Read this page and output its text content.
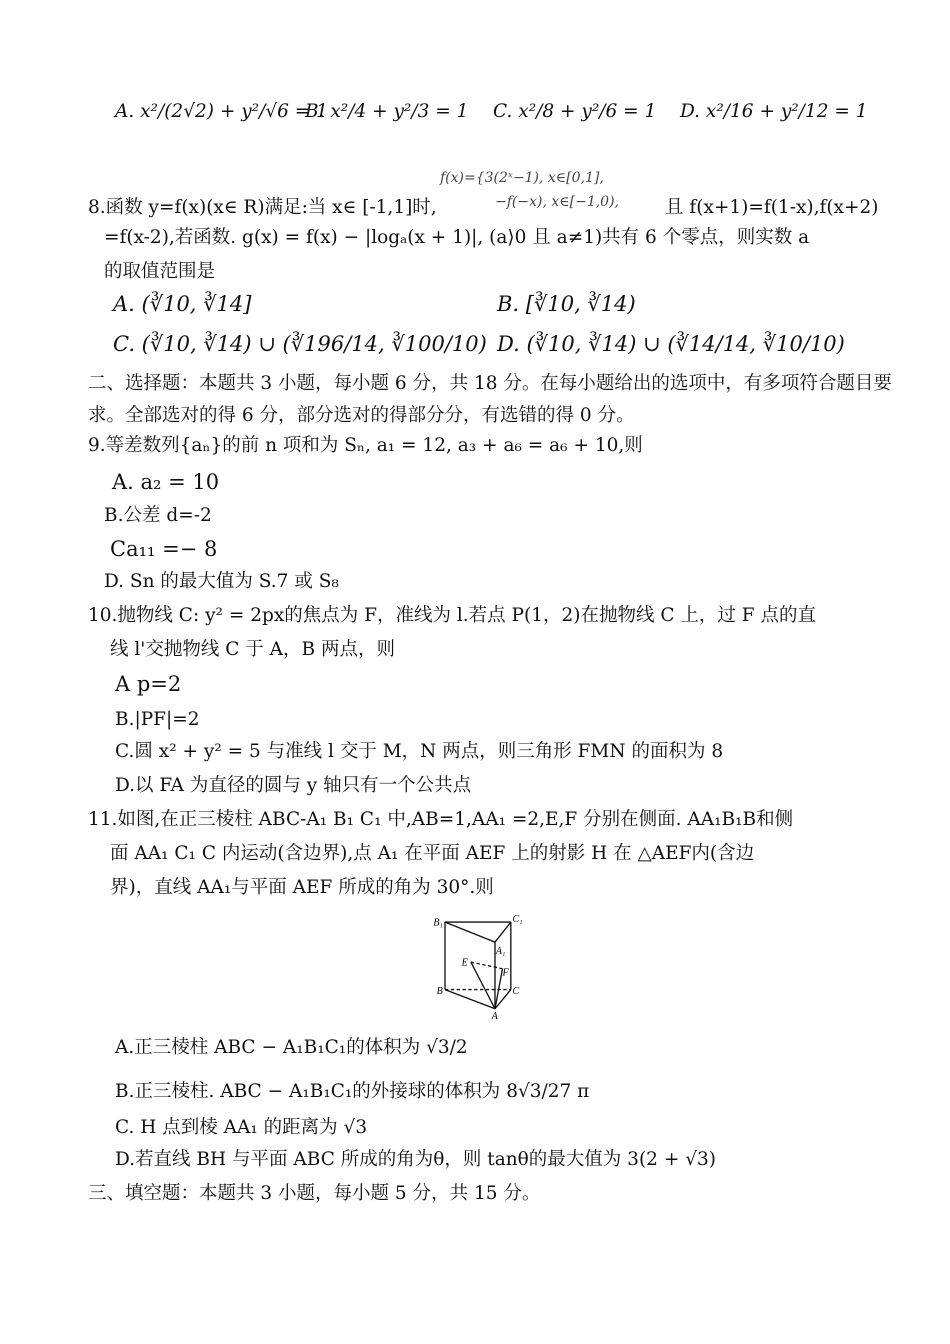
A. x²/(2√2) + y²/√6 = 1
B. x²/4 + y²/3 = 1 C. x²/8 + y²/6 = 1 D. x²/16 + y²/12 = 1
f(x)={3(2ˣ−1), x∈[0,1],
−f(−x), x∈[−1,0),
8.函数 y=f(x)(x∈ R)满足:当 x∈ [-1,1]时,	且 f(x+1)=f(1-x),f(x+2)
=f(x-2),若函数. g(x) = f(x) − |logₐ(x + 1)|, (a⟩0 且 a≠1)共有 6 个零点，则实数 a
的取值范围是
A. (∛10, ∛14]	B. [∛10, ∛14)
C. (∛10, ∛14) ∪ (∛196/14, ∛100/10) D. (∛10, ∛14) ∪ (∛14/14, ∛10/10)
二、选择题：本题共 3 小题，每小题 6 分，共 18 分。在每小题给出的选项中，有多项符合题目要
求。全部选对的得 6 分，部分选对的得部分分，有选错的得 0 分。
9.等差数列{aₙ}的前 n 项和为 Sₙ, a₁ = 12, a₃ + a₆ = a₆ + 10,则
A. a₂ = 10
B.公差 d=-2
Ca₁₁ =− 8
D. Sn 的最大值为 S.7 或 S₈
10.抛物线 C: y² = 2px的焦点为 F，准线为 l.若点 P(1，2)在抛物线 C 上，过 F 点的直
线 l'交抛物线 C 于 A，B 两点，则
A p=2
B.|PF|=2
C.圆 x² + y² = 5 与准线 l 交于 M，N 两点，则三角形 FMN 的面积为 8
D.以 FA 为直径的圆与 y 轴只有一个公共点
11.如图,在正三棱柱 ABC-A₁ B₁ C₁ 中,AB=1,AA₁ =2,E,F 分别在侧面. AA₁B₁B和侧
面 AA₁ C₁ C 内运动(含边界),点 A₁ 在平面 AEF 上的射影 H 在 △AEF内(含边
界)，直线 AA₁与平面 AEF 所成的角为 30°.则
B₁	C₁
A₁
E
F
B	C
A
A.正三棱柱 ABC − A₁B₁C₁的体积为 √3/2
B.正三棱柱. ABC − A₁B₁C₁的外接球的体积为 8√3/27 π
C. H 点到棱 AA₁ 的距离为 √3
D.若直线 BH 与平面 ABC 所成的角为θ，则 tanθ的最大值为 3(2 + √3)
三、填空题：本题共 3 小题，每小题 5 分，共 15 分。
